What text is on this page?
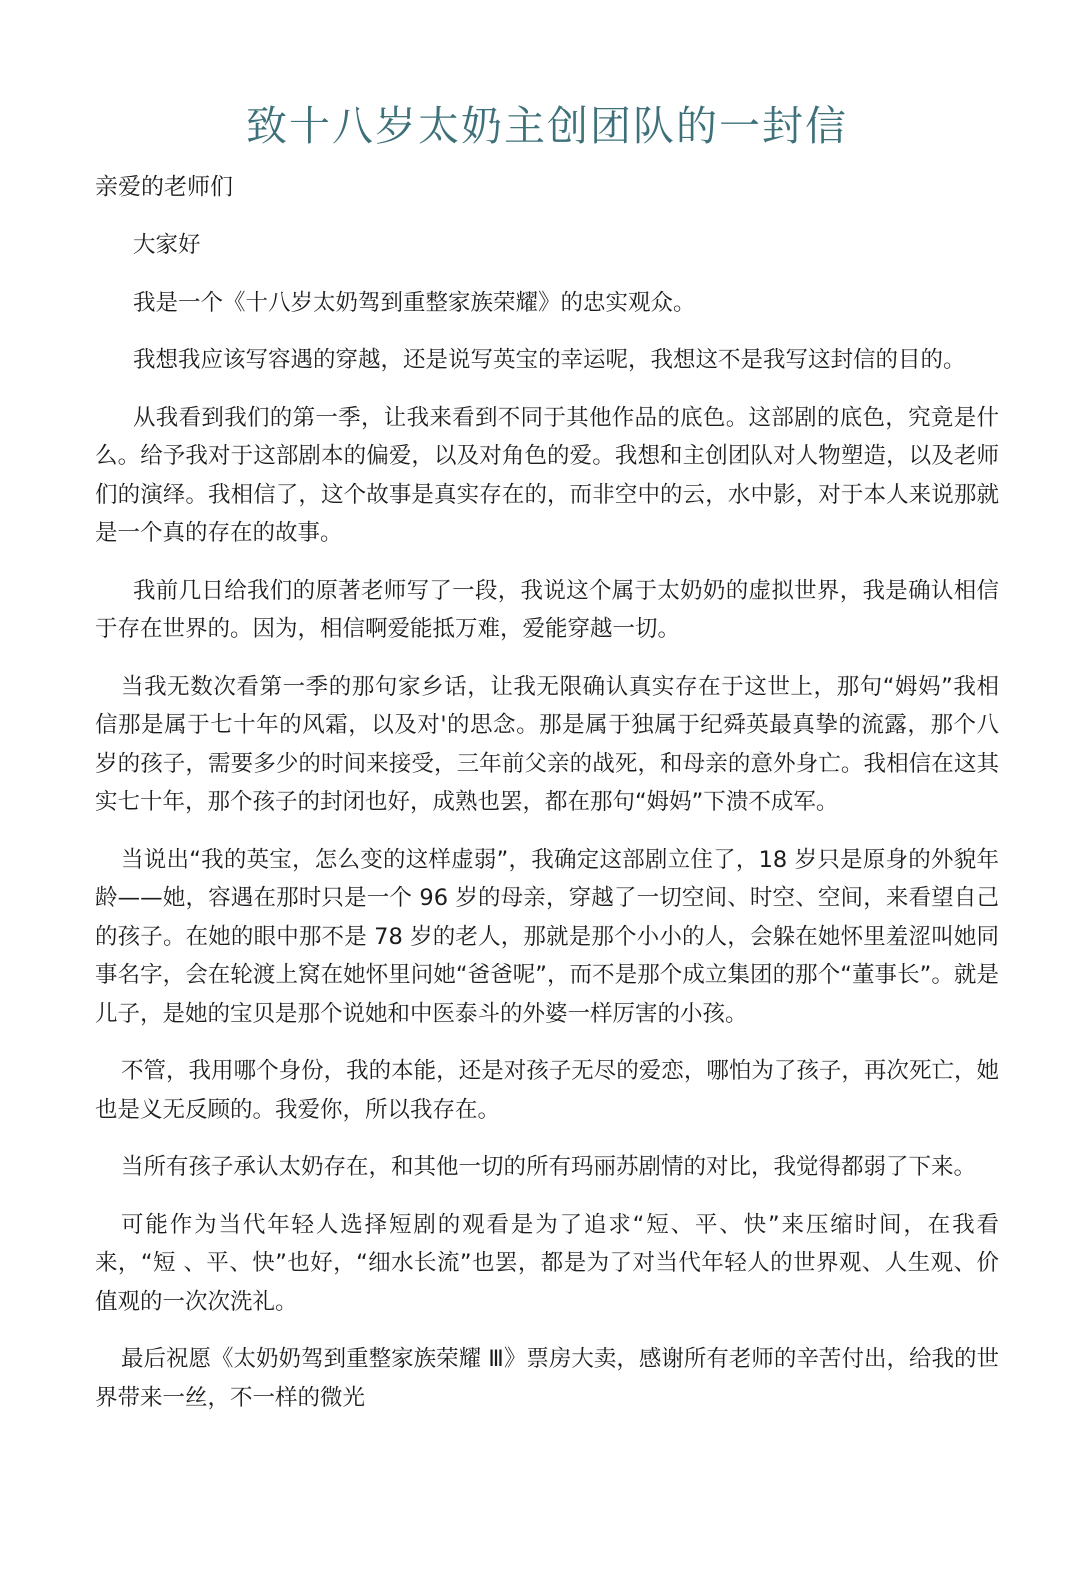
致十八岁太奶主创团队的一封信

亲爱的老师们

大家好

我是一个《十八岁太奶驾到重整家族荣耀》的忠实观众。

我想我应该写容遇的穿越，还是说写英宝的幸运呢，我想这不是我写这封信的目的。

从我看到我们的第一季，让我来看到不同于其他作品的底色。这部剧的底色，究竟是什么。给予我对于这部剧本的偏爱，以及对角色的爱。我想和主创团队对人物塑造，以及老师们的演绎。我相信了，这个故事是真实存在的，而非空中的云，水中影，对于本人来说那就是一个真的存在的故事。

我前几日给我们的原著老师写了一段，我说这个属于太奶奶的虚拟世界，我是确认相信于存在世界的。因为，相信啊爱能抵万难，爱能穿越一切。

当我无数次看第一季的那句家乡话，让我无限确认真实存在于这世上，那句“姆妈”我相信那是属于七十年的风霜，以及对'的思念。那是属于独属于纪舜英最真挚的流露，那个八岁的孩子，需要多少的时间来接受，三年前父亲的战死，和母亲的意外身亡。我相信在这其实七十年，那个孩子的封闭也好，成熟也罢，都在那句“姆妈”下溃不成军。

当说出“我的英宝，怎么变的这样虚弱”，我确定这部剧立住了，18 岁只是原身的外貌年龄——她，容遇在那时只是一个 96 岁的母亲，穿越了一切空间、时空、空间，来看望自己的孩子。在她的眼中那不是 78 岁的老人，那就是那个小小的人，会躲在她怀里羞涩叫她同事名字，会在轮渡上窝在她怀里问她“爸爸呢”，而不是那个成立集团的那个“董事长”。就是儿子，是她的宝贝是那个说她和中医泰斗的外婆一样厉害的小孩。

不管，我用哪个身份，我的本能，还是对孩子无尽的爱恋，哪怕为了孩子，再次死亡，她也是义无反顾的。我爱你，所以我存在。

当所有孩子承认太奶存在，和其他一切的所有玛丽苏剧情的对比，我觉得都弱了下来。

可能作为当代年轻人选择短剧的观看是为了追求“短、平、快”来压缩时间，在我看来，“短 、平、快”也好，“细水长流”也罢，都是为了对当代年轻人的世界观、人生观、价值观的一次次洗礼。

最后祝愿《太奶奶驾到重整家族荣耀 Ⅲ》票房大卖，感谢所有老师的辛苦付出，给我的世界带来一丝，不一样的微光
